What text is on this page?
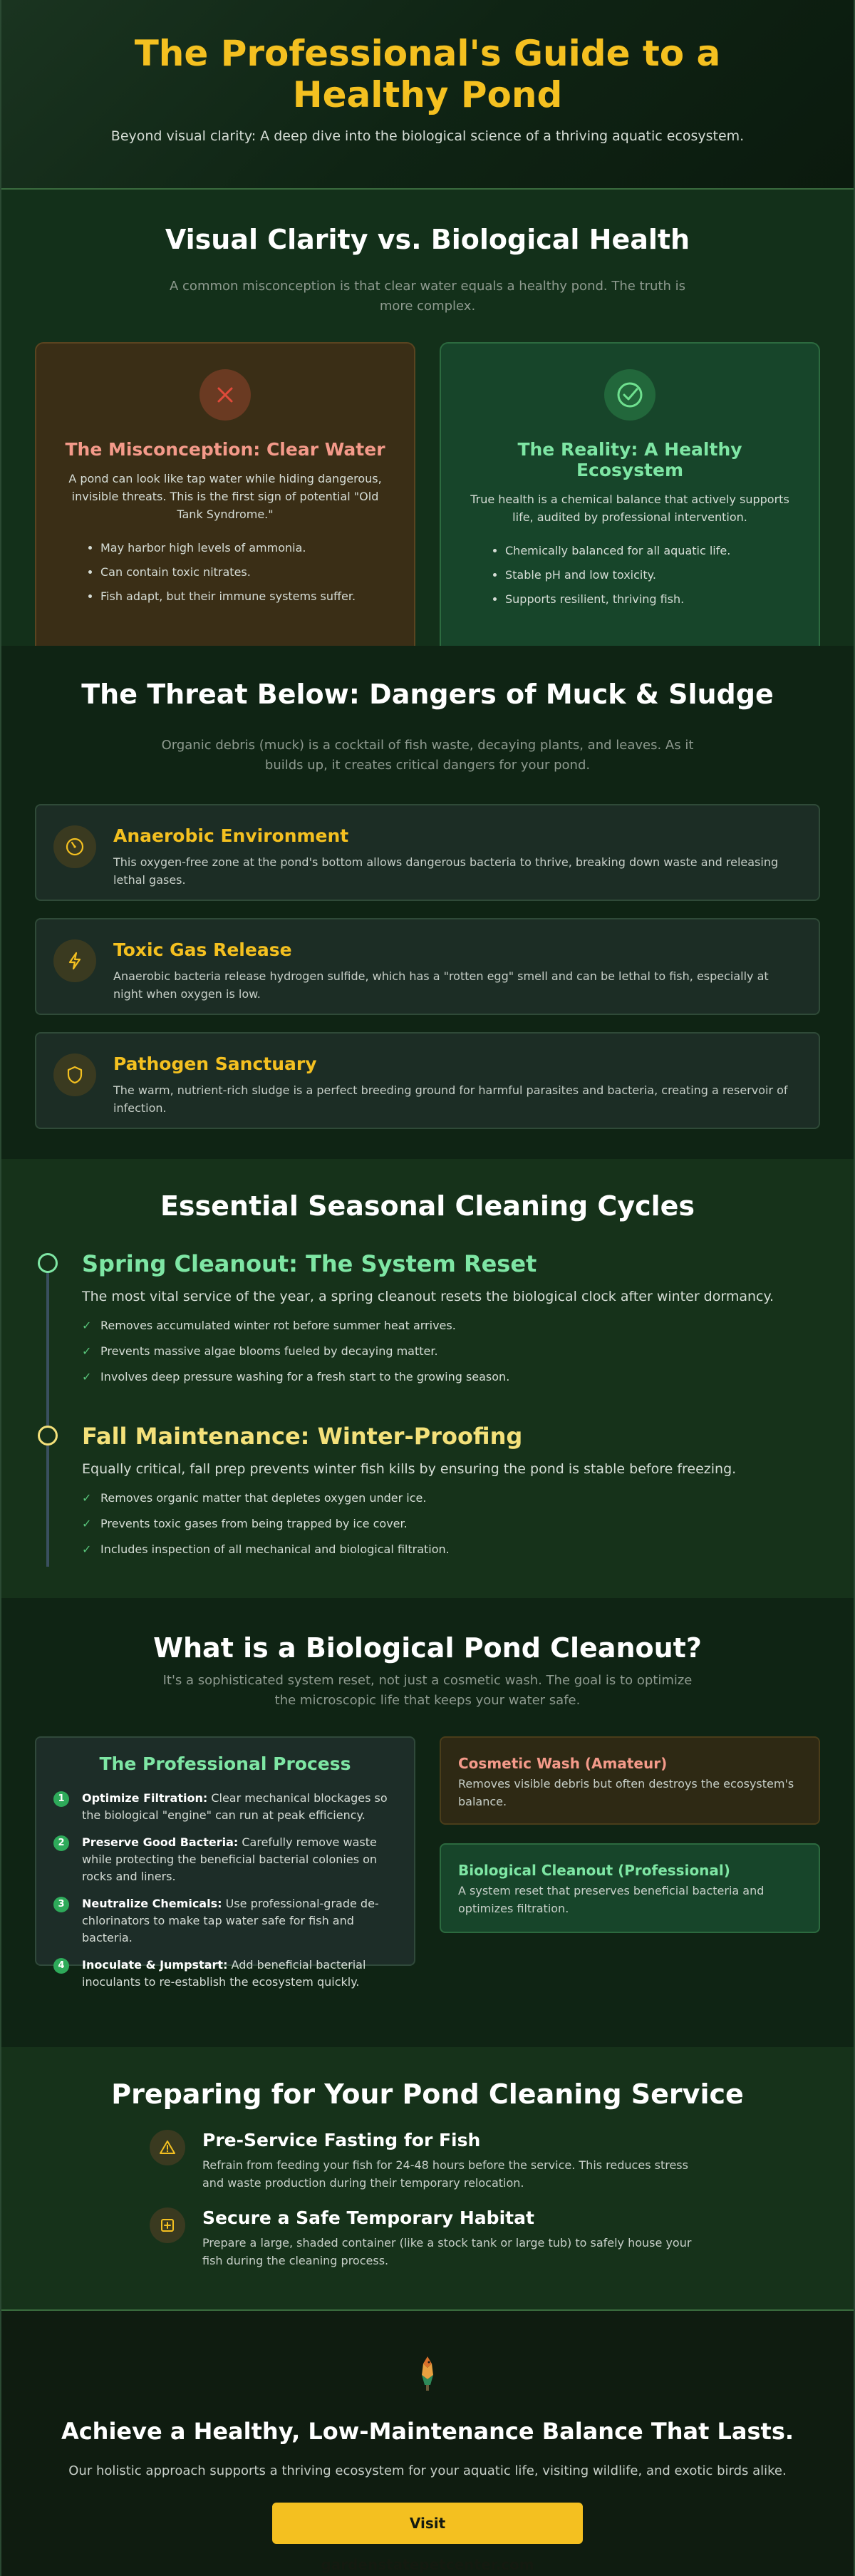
The Professional's Guide to a Healthy Pond

Beyond visual clarity: A deep dive into the biological science of a thriving aquatic ecosystem.

Visual Clarity vs. Biological Health

A common misconception is that clear water equals a healthy pond. The truth is more complex.

The Misconception: Clear Water

A pond can look like tap water while hiding dangerous, invisible threats. This is the first sign of potential "Old Tank Syndrome."

• May harbor high levels of ammonia.
• Can contain toxic nitrates.
• Fish adapt, but their immune systems suffer.
The Reality: A Healthy Ecosystem

True health is a chemical balance that actively supports life, audited by professional intervention.

• Chemically balanced for all aquatic life.
• Stable pH and low toxicity.
• Supports resilient, thriving fish.
The Threat Below: Dangers of Muck & Sludge

Organic debris (muck) is a cocktail of fish waste, decaying plants, and leaves. As it builds up, it creates critical dangers for your pond.

Anaerobic Environment

This oxygen-free zone at the pond's bottom allows dangerous bacteria to thrive, breaking down waste and releasing lethal gases.

Toxic Gas Release

Anaerobic bacteria release hydrogen sulfide, which has a "rotten egg" smell and can be lethal to fish, especially at night when oxygen is low.

Pathogen Sanctuary

The warm, nutrient-rich sludge is a perfect breeding ground for harmful parasites and bacteria, creating a reservoir of infection.

Essential Seasonal Cleaning Cycles
Spring Cleanout: The System Reset

The most vital service of the year, a spring cleanout resets the biological clock after winter dormancy.

✓ Removes accumulated winter rot before summer heat arrives.
✓ Prevents massive algae blooms fueled by decaying matter.
✓ Involves deep pressure washing for a fresh start to the growing season.
Fall Maintenance: Winter-Proofing

Equally critical, fall prep prevents winter fish kills by ensuring the pond is stable before freezing.

✓ Removes organic matter that depletes oxygen under ice.
✓ Prevents toxic gases from being trapped by ice cover.
✓ Includes inspection of all mechanical and biological filtration.
What is a Biological Pond Cleanout?

It's a sophisticated system reset, not just a cosmetic wash. The goal is to optimize the microscopic life that keeps your water safe.

The Professional Process
1	Optimize Filtration: Clear mechanical blockages so the biological "engine" can run at peak efficiency.
2	Preserve Good Bacteria: Carefully remove waste while protecting the beneficial bacterial colonies on rocks and liners.
3	Neutralize Chemicals: Use professional-grade de-chlorinators to make tap water safe for fish and bacteria.
4	Inoculate & Jumpstart: Add beneficial bacterial inoculants to re-establish the ecosystem quickly.
Cosmetic Wash (Amateur)

Removes visible debris but often destroys the ecosystem's balance.

Biological Cleanout (Professional)

A system reset that preserves beneficial bacteria and optimizes filtration.

Preparing for Your Pond Cleaning Service
Pre-Service Fasting for Fish

Refrain from feeding your fish for 24-48 hours before the service. This reduces stress and waste production during their temporary relocation.

Secure a Safe Temporary Habitat

Prepare a large, shaded container (like a stock tank or large tub) to safely house your fish during the cleaning process.

Achieve a Healthy, Low-Maintenance Balance That Lasts.

Our holistic approach supports a thriving ecosystem for your aquatic life, visiting wildlife, and exotic birds alike.

Visit gardenstatepetcenter.com
